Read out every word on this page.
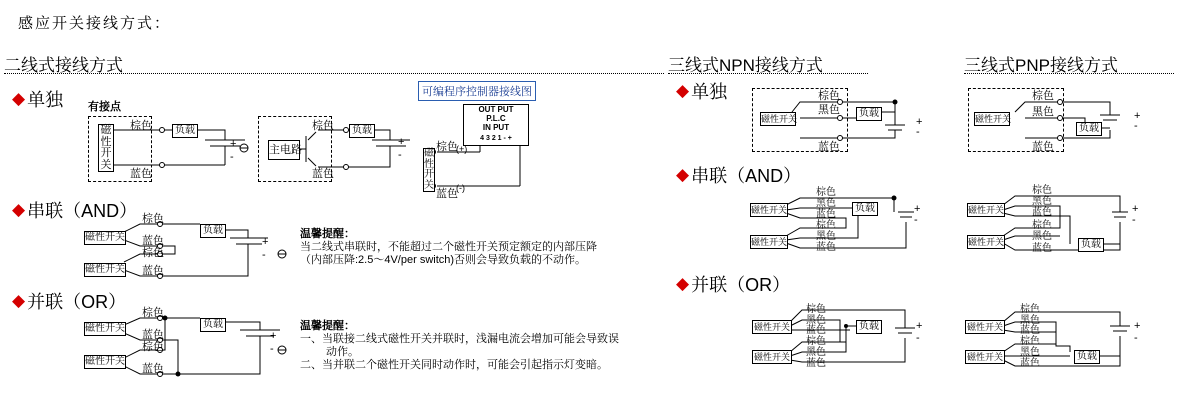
感应开关接线方式：
二线式接线方式	三线式NPN接线方式	三线式PNP接线方式
◆ 单独
◆ 串联（AND）
◆ 并联（OR）
◆ 单独
◆ 串联（AND）
◆ 并联（OR）
有接点
磁性开关
棕色
蓝色
负载
+
-
主电路
棕色
蓝色
负载
+
-
可编程序控制器接线图
OUT PUT
P.L.C
IN PUT
4 3 2 1 - +
磁性开关
棕色
(+)
蓝色
(-)
磁性开关
磁性开关
棕色
蓝色
棕色
蓝色
负载
+
-
温馨提醒：
当二线式串联时，不能超过二个磁性开关预定额定的内部压降
（内部压降:2.5～4V/per switch)否则会导致负载的不动作。
磁性开关
磁性开关
棕色
蓝色
棕色
蓝色
负载
+
-
温馨提醒：
一、当联接二线式磁性开关并联时，浅漏电流会增加可能会导致误
动作。
二、当并联二个磁性开关同时动作时，可能会引起指示灯变暗。
磁性开关
棕色
黑色
蓝色
负载
+
-
磁性开关
棕色
黑色
蓝色
负载
+
-
磁性开关
磁性开关
棕色
黑色
蓝色
棕色
黑色
蓝色
负载	+
-
磁性开关
磁性开关
棕色
黑色
蓝色
棕色
黑色
蓝色	负载
+
-
磁性开关
磁性开关
棕色
黑色
蓝色
棕色
黑色
蓝色
负载	+
-
磁性开关
磁性开关
棕色
黑色
蓝色
棕色
黑色
蓝色
负载
+
-
